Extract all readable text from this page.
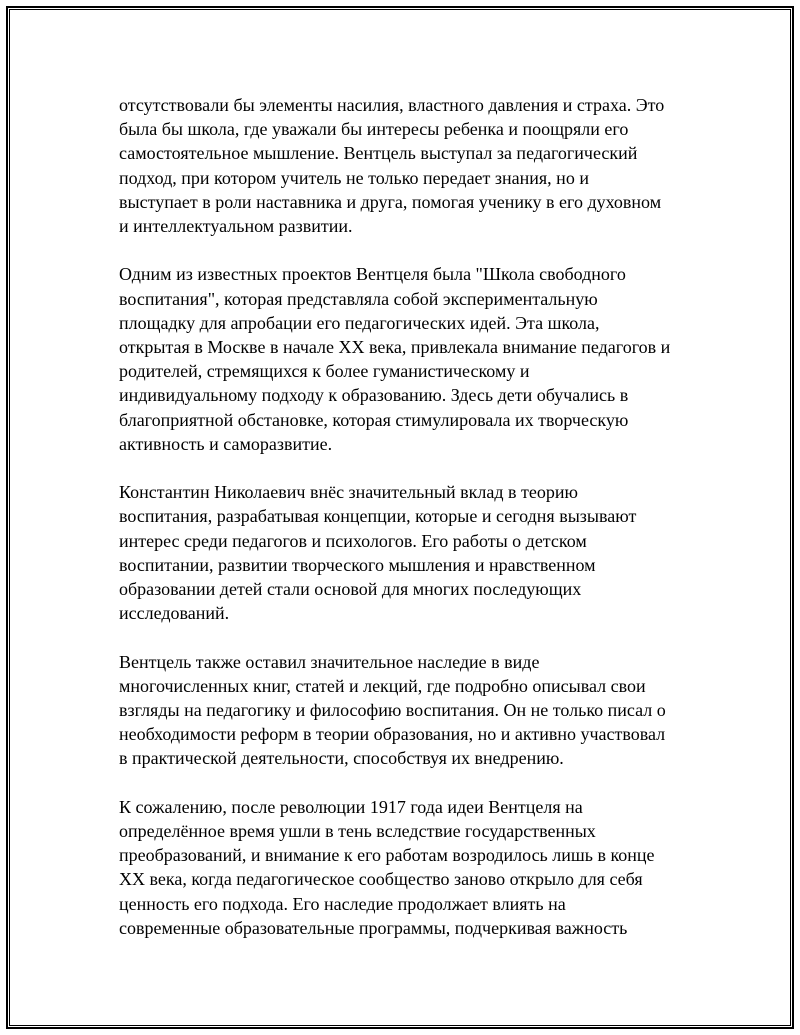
отсутствовали бы элементы насилия, властного давления и страха. Это
была бы школа, где уважали бы интересы ребенка и поощряли его
самостоятельное мышление. Вентцель выступал за педагогический
подход, при котором учитель не только передает знания, но и
выступает в роли наставника и друга, помогая ученику в его духовном
и интеллектуальном развитии.

Одним из известных проектов Вентцеля была "Школа свободного
воспитания", которая представляла собой экспериментальную
площадку для апробации его педагогических идей. Эта школа,
открытая в Москве в начале XX века, привлекала внимание педагогов и
родителей, стремящихся к более гуманистическому и
индивидуальному подходу к образованию. Здесь дети обучались в
благоприятной обстановке, которая стимулировала их творческую
активность и саморазвитие.

Константин Николаевич внёс значительный вклад в теорию
воспитания, разрабатывая концепции, которые и сегодня вызывают
интерес среди педагогов и психологов. Его работы о детском
воспитании, развитии творческого мышления и нравственном
образовании детей стали основой для многих последующих
исследований.

Вентцель также оставил значительное наследие в виде
многочисленных книг, статей и лекций, где подробно описывал свои
взгляды на педагогику и философию воспитания. Он не только писал о
необходимости реформ в теории образования, но и активно участвовал
в практической деятельности, способствуя их внедрению.

К сожалению, после революции 1917 года идеи Вентцеля на
определённое время ушли в тень вследствие государственных
преобразований, и внимание к его работам возродилось лишь в конце
XX века, когда педагогическое сообщество заново открыло для себя
ценность его подхода. Его наследие продолжает влиять на
современные образовательные программы, подчеркивая важность
